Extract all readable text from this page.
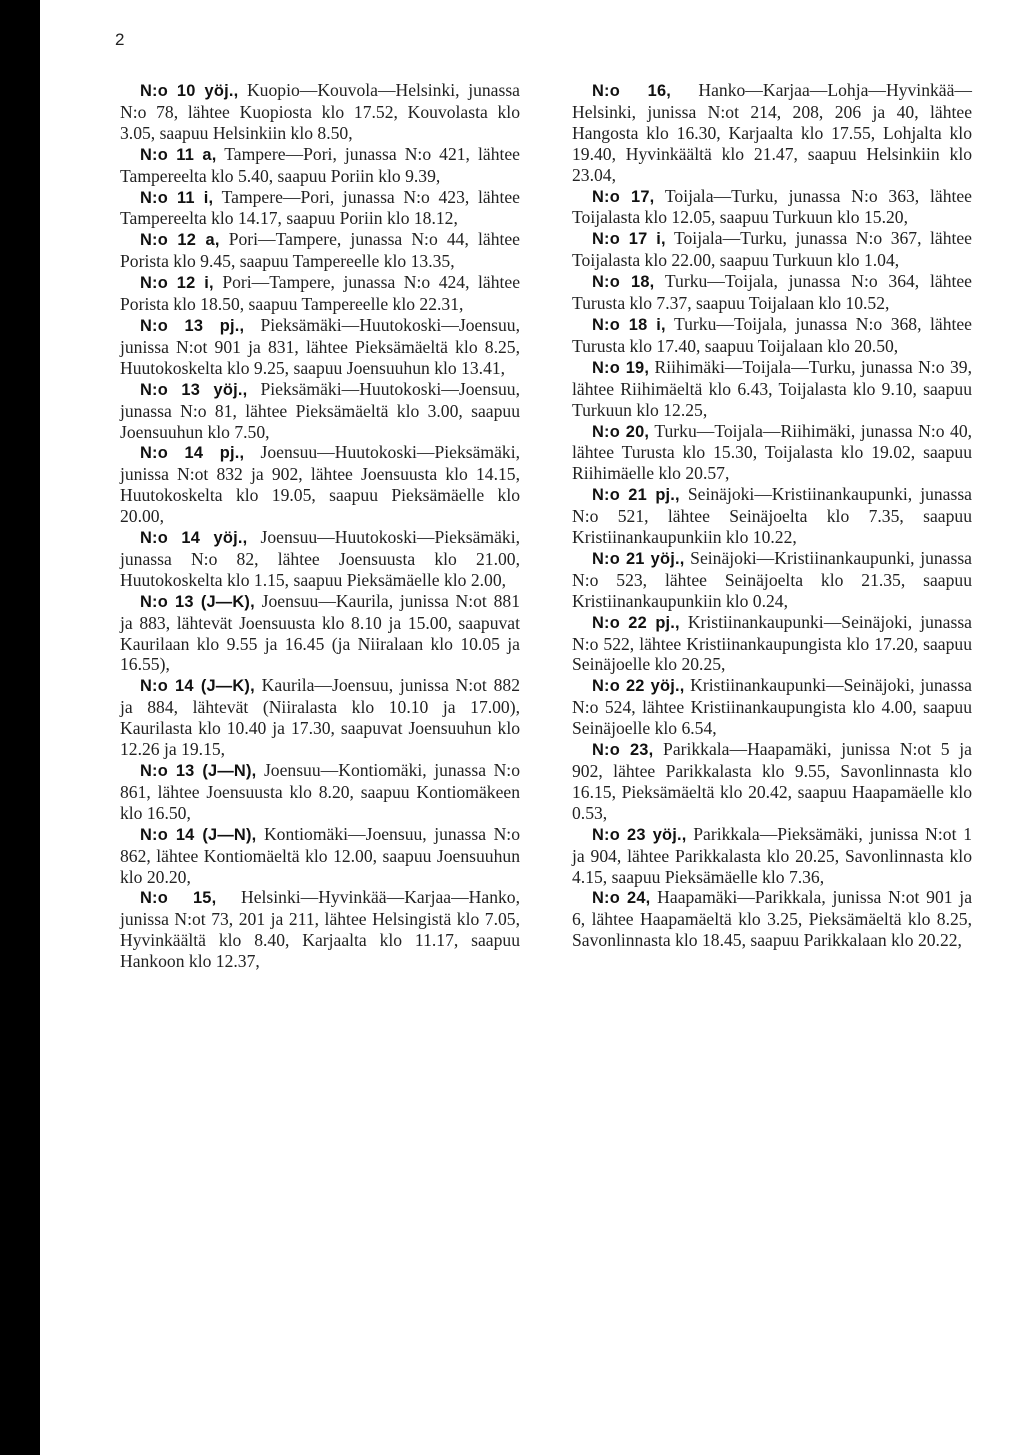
2

N:o 10 yöj., Kuopio—Kouvola—Helsinki, junassa N:o 78, lähtee Kuopiosta klo 17.52, Kouvolasta klo 3.05, saapuu Helsinkiin klo 8.50,

N:o 11 a, Tampere—Pori, junassa N:o 421, lähtee Tampereelta klo 5.40, saapuu Poriin klo 9.39,

N:o 11 i, Tampere—Pori, junassa N:o 423, lähtee Tampereelta klo 14.17, saapuu Poriin klo 18.12,

N:o 12 a, Pori—Tampere, junassa N:o 44, lähtee Porista klo 9.45, saapuu Tampereelle klo 13.35,

N:o 12 i, Pori—Tampere, junassa N:o 424, lähtee Porista klo 18.50, saapuu Tampereelle klo 22.31,

N:o 13 pj., Pieksämäki—Huutokoski—Joensuu, junissa N:ot 901 ja 831, lähtee Pieksämäeltä klo 8.25, Huutokoskelta klo 9.25, saapuu Joensuuhun klo 13.41,

N:o 13 yöj., Pieksämäki—Huutokoski—Joensuu, junassa N:o 81, lähtee Pieksämäeltä klo 3.00, saapuu Joensuuhun klo 7.50,

N:o 14 pj., Joensuu—Huutokoski—Pieksämäki, junissa N:ot 832 ja 902, lähtee Joensuusta klo 14.15, Huutokoskelta klo 19.05, saapuu Pieksämäelle klo 20.00,

N:o 14 yöj., Joensuu—Huutokoski—Pieksämäki, junassa N:o 82, lähtee Joensuusta klo 21.00, Huutokoskelta klo 1.15, saapuu Pieksämäelle klo 2.00,

N:o 13 (J—K), Joensuu—Kaurila, junissa N:ot 881 ja 883, lähtevät Joensuusta klo 8.10 ja 15.00, saapuvat Kaurilaan klo 9.55 ja 16.45 (ja Niiralaan klo 10.05 ja 16.55),

N:o 14 (J—K), Kaurila—Joensuu, junissa N:ot 882 ja 884, lähtevät (Niiralasta klo 10.10 ja 17.00), Kaurilasta klo 10.40 ja 17.30, saapuvat Joensuuhun klo 12.26 ja 19.15,

N:o 13 (J—N), Joensuu—Kontiomäki, junassa N:o 861, lähtee Joensuusta klo 8.20, saapuu Kontiomäkeen klo 16.50,

N:o 14 (J—N), Kontiomäki—Joensuu, junassa N:o 862, lähtee Kontiomäeltä klo 12.00, saapuu Joensuuhun klo 20.20,

N:o 15, Helsinki—Hyvinkää—Karjaa—Hanko, junissa N:ot 73, 201 ja 211, lähtee Helsingistä klo 7.05, Hyvinkäältä klo 8.40, Karjaalta klo 11.17, saapuu Hankoon klo 12.37,

N:o 16, Hanko—Karjaa—Lohja—Hyvinkää—Helsinki, junissa N:ot 214, 208, 206 ja 40, lähtee Hangosta klo 16.30, Karjaalta klo 17.55, Lohjalta klo 19.40, Hyvinkäältä klo 21.47, saapuu Helsinkiin klo 23.04,

N:o 17, Toijala—Turku, junassa N:o 363, lähtee Toijalasta klo 12.05, saapuu Turkuun klo 15.20,

N:o 17 i, Toijala—Turku, junassa N:o 367, lähtee Toijalasta klo 22.00, saapuu Turkuun klo 1.04,

N:o 18, Turku—Toijala, junassa N:o 364, lähtee Turusta klo 7.37, saapuu Toijalaan klo 10.52,

N:o 18 i, Turku—Toijala, junassa N:o 368, lähtee Turusta klo 17.40, saapuu Toijalaan klo 20.50,

N:o 19, Riihimäki—Toijala—Turku, junassa N:o 39, lähtee Riihimäeltä klo 6.43, Toijalasta klo 9.10, saapuu Turkuun klo 12.25,

N:o 20, Turku—Toijala—Riihimäki, junassa N:o 40, lähtee Turusta klo 15.30, Toijalasta klo 19.02, saapuu Riihimäelle klo 20.57,

N:o 21 pj., Seinäjoki—Kristiinankaupunki, junassa N:o 521, lähtee Seinäjoelta klo 7.35, saapuu Kristiinankaupunkiin klo 10.22,

N:o 21 yöj., Seinäjoki—Kristiinankaupunki, junassa N:o 523, lähtee Seinäjoelta klo 21.35, saapuu Kristiinankaupunkiin klo 0.24,

N:o 22 pj., Kristiinankaupunki—Seinäjoki, junassa N:o 522, lähtee Kristiinankaupungista klo 17.20, saapuu Seinäjoelle klo 20.25,

N:o 22 yöj., Kristiinankaupunki—Seinäjoki, junassa N:o 524, lähtee Kristiinankaupungista klo 4.00, saapuu Seinäjoelle klo 6.54,

N:o 23, Parikkala—Haapamäki, junissa N:ot 5 ja 902, lähtee Parikkalasta klo 9.55, Savonlinnasta klo 16.15, Pieksämäeltä klo 20.42, saapuu Haapamäelle klo 0.53,

N:o 23 yöj., Parikkala—Pieksämäki, junissa N:ot 1 ja 904, lähtee Parikkalasta klo 20.25, Savonlinnasta klo 4.15, saapuu Pieksämäelle klo 7.36,

N:o 24, Haapamäki—Parikkala, junissa N:ot 901 ja 6, lähtee Haapamäeltä klo 3.25, Pieksämäeltä klo 8.25, Savonlinnasta klo 18.45, saapuu Parikkalaan klo 20.22,
